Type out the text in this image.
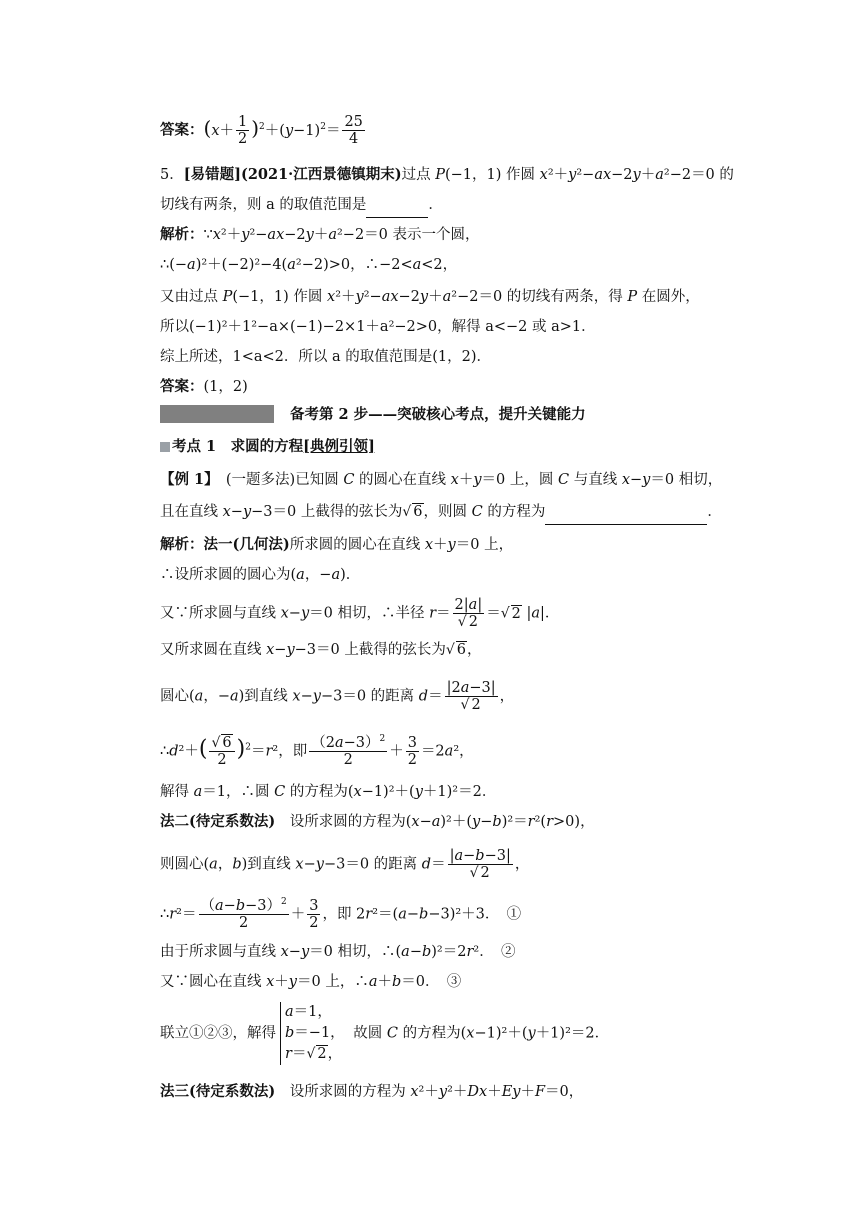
答案：$(x+ \frac{1}{2} )^2+(y-1)^2= \frac{25}{4}$
5．[易错题](2021·江西景德镇期末)过点 P(−1，1) 作圆 x²＋y²−ax−2y＋a²−2＝0 的
切线有两条，则 a 的取值范围是	．
解析：∵x²＋y²−ax−2y＋a²−2＝0 表示一个圆，
∴(−a)²＋(−2)²−4(a²−2)>0，∴−2<a<2，
又由过点 P(−1，1) 作圆 x²＋y²−ax−2y＋a²−2＝0 的切线有两条，得 P 在圆外，
所以(−1)²＋1²−a×(−1)−2×1＋a²−2>0，解得 a<−2 或 a>1．
综上所述，1<a<2．所以 a 的取值范围是(1，2)．
答案：(1，2)
备考第 2 步——突破核心考点，提升关键能力
考点 1　求圆的方程[典例引领]
【例 1】　 (一题多法)已知圆 C 的圆心在直线 x＋y＝0 上，圆 C 与直线 x−y＝0 相切，
且在直线 x−y−3＝0 上截得的弦长为√ 6，则圆 C 的方程为	．
解析：法一(几何法)所求圆的圆心在直线 x＋y＝0 上，
∴设所求圆的圆心为(a，−a)．
又∵所求圆与直线 x−y＝0 相切，∴半径 $r= \frac{2|a|}{√ 2}$ ＝√ 2 |a|．
又所求圆在直线 x−y−3＝0 上截得的弦长为√ 6，
圆心(a，−a)到直线 x−y−3＝0 的距离 $d= \frac{|2a-3|}{√ 2}$ ，
∴d²＋( $\frac{√ 6}{2} )^2=r^2$，即 $\frac{(2a-3)^2}{2} + \frac{3}{2} =2a^2$，
解得 a＝1，∴圆 C 的方程为(x−1)²＋(y＋1)²＝2．
法二(待定系数法)　设所求圆的方程为(x−a)²＋(y−b)²＝r²(r>0)，
则圆心(a，b)到直线 x−y−3＝0 的距离 $d= \frac{|a-b-3|}{√ 2}$ ，
∴r²＝ $\frac{(a-b-3)^2}{2} + \frac{3}{2}$ ，即 2r²＝(a−b−3)²＋3．　①
由于所求圆与直线 x−y＝0 相切，∴(a−b)²＝2r²．　②
又∵圆心在直线 x＋y＝0 上，∴a＋b＝0．　③
联立①②③，解得a＝1，
b＝−1，
r＝√ 2， 故圆 C 的方程为(x−1)²＋(y＋1)²＝2．
法三(待定系数法)　设所求圆的方程为 x²＋y²＋Dx＋Ey＋F＝0，
